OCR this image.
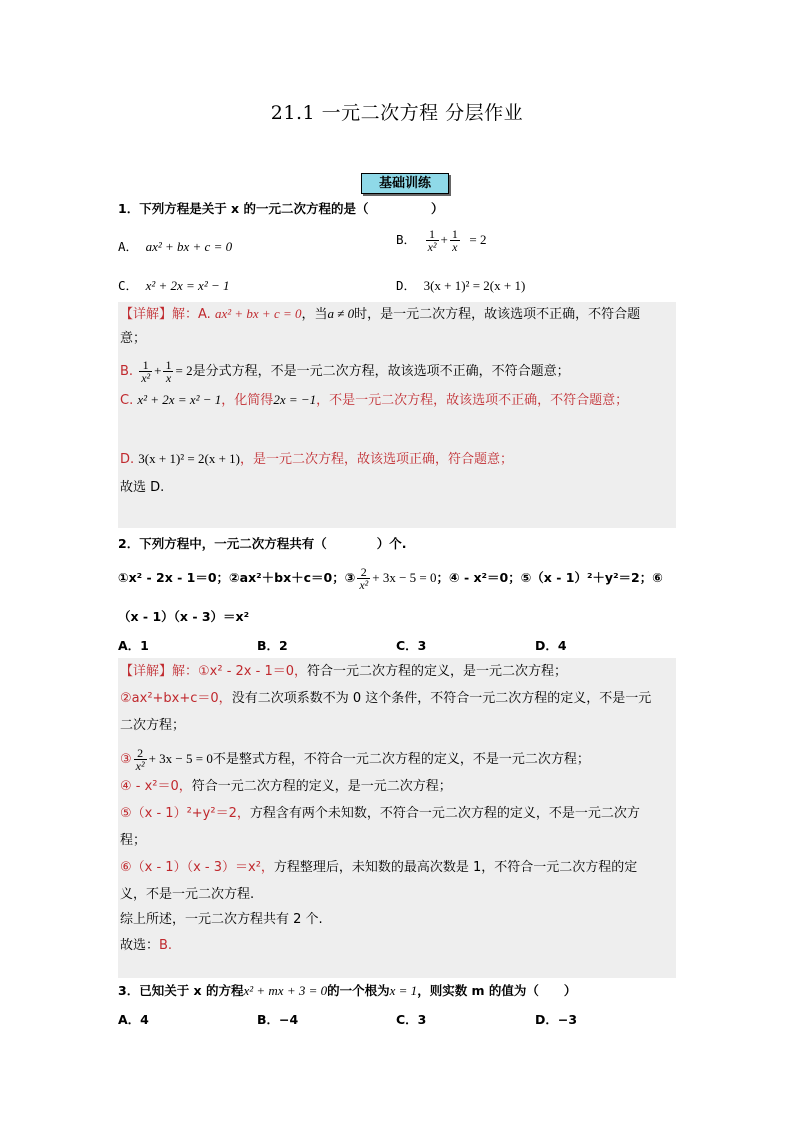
21.1 一元二次方程 分层作业
基础训练
1．下列方程是关于 x 的一元二次方程的是（　　　　　）
A． ax² + bx + c = 0	B． $\frac{1}{\text{x²}} + \frac{1}{x} = 2$
C． x² + 2x = x² − 1	D． 3(x + 1)² = 2(x + 1)
【详解】解：A. ax² + bx + c = 0，当a ≠ 0时，是一元二次方程，故该选项不正确，不符合题
意；
B. $\frac{1}{\text{x²}} + \frac{1}{x} = 2$是分式方程，不是一元二次方程，故该选项不正确，不符合题意；
C. x² + 2x = x² − 1，化简得2x = −1，不是一元二次方程，故该选项不正确，不符合题意；
D. 3(x + 1)² = 2(x + 1)，是一元二次方程，故该选项正确，符合题意；
故选 D.
2．下列方程中，一元二次方程共有（　　　　）个.
①x² - 2x - 1＝0；②ax²＋bx＋c＝0；③ $\frac{2}{\text{x²}} + 3x - 5 = 0$；④ - x²＝0；⑤（x - 1）²＋y²＝2；⑥
（x - 1）（x - 3）＝x²
A．1	B．2	C．3	D．4
【详解】解：①x² - 2x - 1＝0，符合一元二次方程的定义，是一元二次方程；
②ax²+bx+c＝0，没有二次项系数不为 0 这个条件，不符合一元二次方程的定义，不是一元
二次方程；
③ $\frac{2}{\text{x²}} + 3x - 5 = 0$不是整式方程，不符合一元二次方程的定义，不是一元二次方程；
④ - x²＝0，符合一元二次方程的定义，是一元二次方程；
⑤（x - 1）²+y²＝2，方程含有两个未知数，不符合一元二次方程的定义，不是一元二次方
程；
⑥（x - 1）（x - 3）＝x²，方程整理后，未知数的最高次数是 1，不符合一元二次方程的定
义，不是一元二次方程.
综上所述，一元二次方程共有 2 个.
故选：B.
3．已知关于 x 的方程x² + mx + 3 = 0的一个根为x = 1，则实数 m 的值为（　　）
A．4	B．−4	C．3	D．−3
